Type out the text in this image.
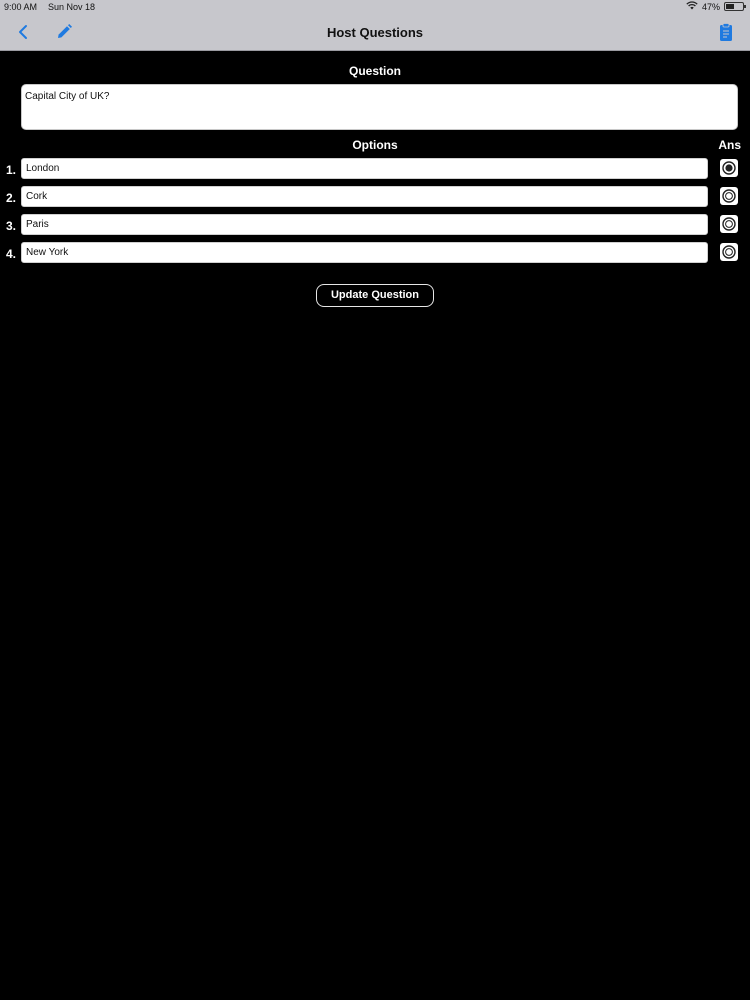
9:00 AM Sun Nov 18	47%
Host Questions
Question
Capital City of UK?
Options	Ans
1. London
2. Cork
3. Paris
4. New York
Update Question
